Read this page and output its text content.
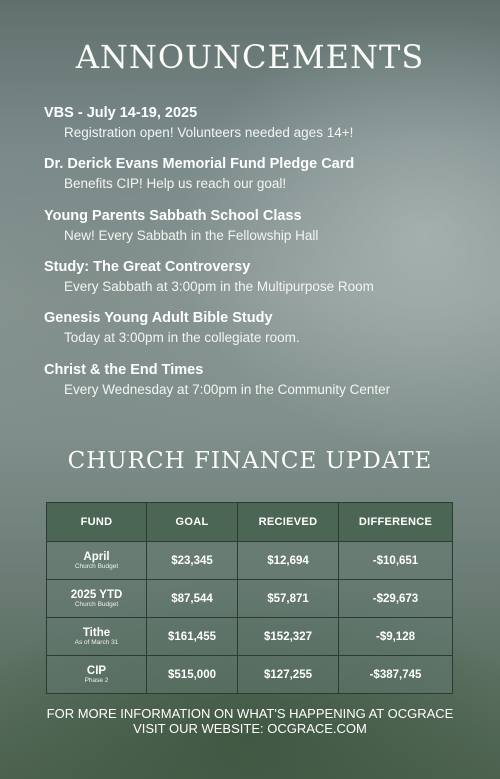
ANNOUNCEMENTS
VBS - July 14-19, 2025
Registration open! Volunteers needed ages 14+!
Dr. Derick Evans Memorial Fund Pledge Card
Benefits CIP! Help us reach our goal!
Young Parents Sabbath School Class
New! Every Sabbath in the Fellowship Hall
Study: The Great Controversy
Every Sabbath at 3:00pm in the Multipurpose Room
Genesis Young Adult Bible Study
Today at 3:00pm in the collegiate room.
Christ & the End Times
Every Wednesday at 7:00pm in the Community Center
CHURCH FINANCE UPDATE
FUND	GOAL	RECIEVED	DIFFERENCE

April
Church Budget	$23,345	$12,694	-$10,651

2025 YTD
Church Budget	$87,544	$57,871	-$29,673

Tithe
As of March 31	$161,455	$152,327	-$9,128

CIP
Phase 2	$515,000	$127,255	-$387,745
FOR MORE INFORMATION ON WHAT'S HAPPENING AT OCGRACE
VISIT OUR WEBSITE: OCGRACE.COM
